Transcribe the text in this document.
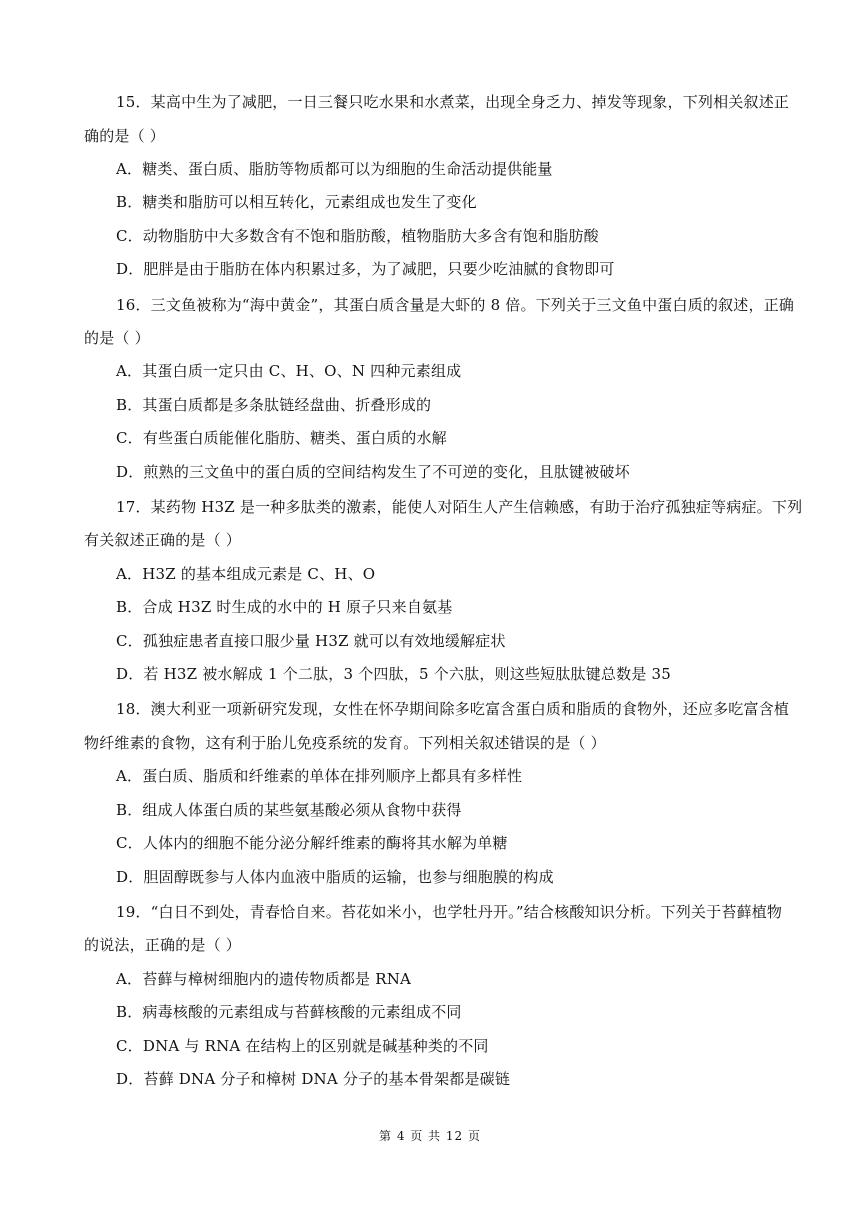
15．某高中生为了减肥，一日三餐只吃水果和水煮菜，出现全身乏力、掉发等现象，下列相关叙述正
确的是（ ）
A．糖类、蛋白质、脂肪等物质都可以为细胞的生命活动提供能量
B．糖类和脂肪可以相互转化，元素组成也发生了变化
C．动物脂肪中大多数含有不饱和脂肪酸，植物脂肪大多含有饱和脂肪酸
D．肥胖是由于脂肪在体内积累过多，为了减肥，只要少吃油腻的食物即可
16．三文鱼被称为“海中黄金”，其蛋白质含量是大虾的 8 倍。下列关于三文鱼中蛋白质的叙述，正确
的是（ ）
A．其蛋白质一定只由 C、H、O、N 四种元素组成
B．其蛋白质都是多条肽链经盘曲、折叠形成的
C．有些蛋白质能催化脂肪、糖类、蛋白质的水解
D．煎熟的三文鱼中的蛋白质的空间结构发生了不可逆的变化，且肽键被破坏
17．某药物 H3Z 是一种多肽类的激素，能使人对陌生人产生信赖感，有助于治疗孤独症等病症。下列
有关叙述正确的是（ ）
A．H3Z 的基本组成元素是 C、H、O
B．合成 H3Z 时生成的水中的 H 原子只来自氨基
C．孤独症患者直接口服少量 H3Z 就可以有效地缓解症状
D．若 H3Z 被水解成 1 个二肽，3 个四肽，5 个六肽，则这些短肽肽键总数是 35
18．澳大利亚一项新研究发现，女性在怀孕期间除多吃富含蛋白质和脂质的食物外，还应多吃富含植
物纤维素的食物，这有利于胎儿免疫系统的发育。下列相关叙述错误的是（ ）
A．蛋白质、脂质和纤维素的单体在排列顺序上都具有多样性
B．组成人体蛋白质的某些氨基酸必须从食物中获得
C．人体内的细胞不能分泌分解纤维素的酶将其水解为单糖
D．胆固醇既参与人体内血液中脂质的运输，也参与细胞膜的构成
19．“白日不到处，青春恰自来。苔花如米小，也学牡丹开。”结合核酸知识分析。下列关于苔藓植物
的说法，正确的是（ ）
A．苔藓与樟树细胞内的遗传物质都是 RNA
B．病毒核酸的元素组成与苔藓核酸的元素组成不同
C．DNA 与 RNA 在结构上的区别就是碱基种类的不同
D．苔藓 DNA 分子和樟树 DNA 分子的基本骨架都是碳链
第 4 页 共 12 页
